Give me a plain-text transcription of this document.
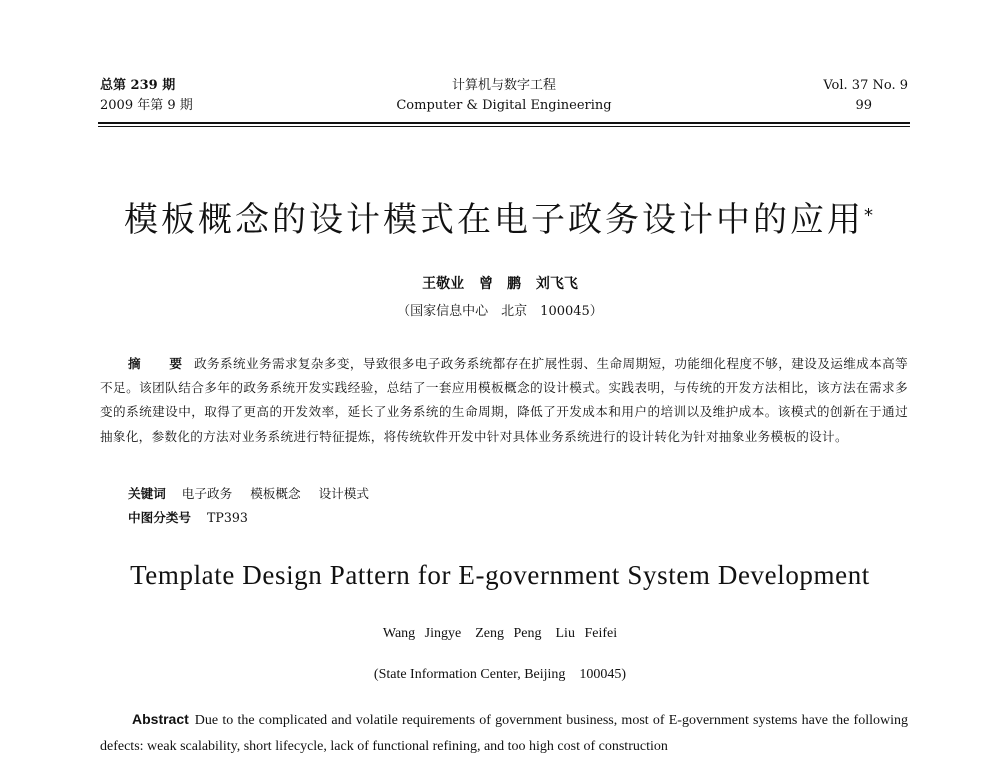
总第 239 期
2009 年第 9 期
计算机与数字工程
Computer & Digital Engineering
Vol. 37 No. 9
99
模板概念的设计模式在电子政务设计中的应用*
王敬业 曾　鹏 刘飞飞
（国家信息中心　北京　100045）
摘　要 政务系统业务需求复杂多变，导致很多电子政务系统都存在扩展性弱、生命周期短，功能细化程度不够，建设及运维成本高等不足。该团队结合多年的政务系统开发实践经验，总结了一套应用模板概念的设计模式。实践表明，与传统的开发方法相比，该方法在需求多变的系统建设中，取得了更高的开发效率，延长了业务系统的生命周期，降低了开发成本和用户的培训以及维护成本。该模式的创新在于通过抽象化，参数化的方法对业务系统进行特征提炼，将传统软件开发中针对具体业务系统进行的设计转化为针对抽象业务模板的设计。
关键词 电子政务 模板概念 设计模式
中图分类号 TP393
Template Design Pattern for E-government System Development
Wang Jingye　Zeng Peng　Liu Feifei
(State Information Center, Beijing　100045)
Abstract Due to the complicated and volatile requirements of government business, most of E-government systems have the following defects: weak scalability, short lifecycle, lack of functional refining, and too high cost of construction
